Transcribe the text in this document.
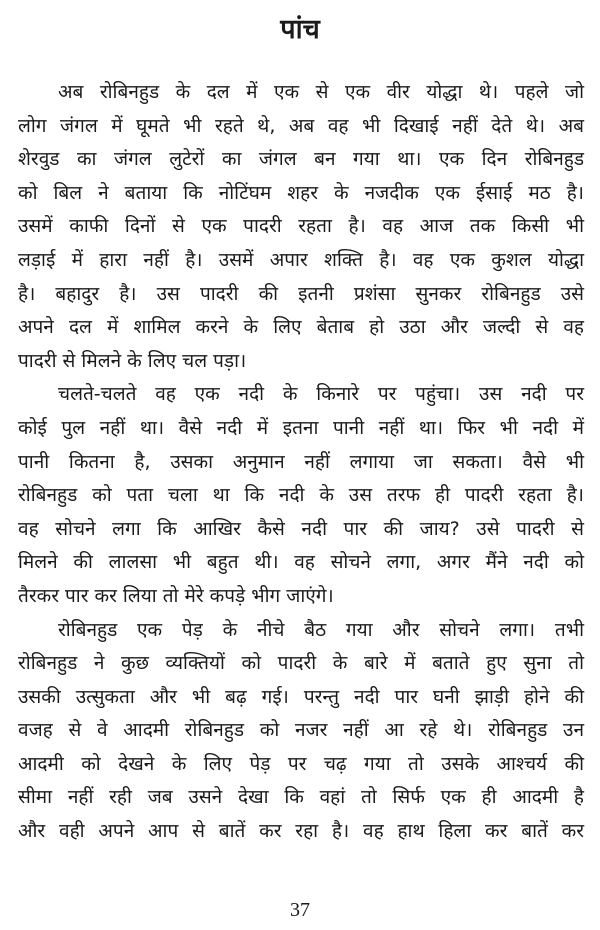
पांच
अब रोबिनहुड के दल में एक से एक वीर योद्धा थे। पहले जो
लोग जंगल में घूमते भी रहते थे, अब वह भी दिखाई नहीं देते थे। अब
शेरवुड का जंगल लुटेरों का जंगल बन गया था। एक दिन रोबिनहुड
को बिल ने बताया कि नोटिंघम शहर के नजदीक एक ईसाई मठ है।
उसमें काफी दिनों से एक पादरी रहता है। वह आज तक किसी भी
लड़ाई में हारा नहीं है। उसमें अपार शक्ति है। वह एक कुशल योद्धा
है। बहादुर है। उस पादरी की इतनी प्रशंसा सुनकर रोबिनहुड उसे
अपने दल में शामिल करने के लिए बेताब हो उठा और जल्दी से वह
पादरी से मिलने के लिए चल पड़ा।
चलते-चलते वह एक नदी के किनारे पर पहुंचा। उस नदी पर
कोई पुल नहीं था। वैसे नदी में इतना पानी नहीं था। फिर भी नदी में
पानी कितना है, उसका अनुमान नहीं लगाया जा सकता। वैसे भी
रोबिनहुड को पता चला था कि नदी के उस तरफ ही पादरी रहता है।
वह सोचने लगा कि आखिर कैसे नदी पार की जाय? उसे पादरी से
मिलने की लालसा भी बहुत थी। वह सोचने लगा, अगर मैंने नदी को
तैरकर पार कर लिया तो मेरे कपड़े भीग जाएंगे।
रोबिनहुड एक पेड़ के नीचे बैठ गया और सोचने लगा। तभी
रोबिनहुड ने कुछ व्यक्तियों को पादरी के बारे में बताते हुए सुना तो
उसकी उत्सुकता और भी बढ़ गई। परन्तु नदी पार घनी झाड़ी होने की
वजह से वे आदमी रोबिनहुड को नजर नहीं आ रहे थे। रोबिनहुड उन
आदमी को देखने के लिए पेड़ पर चढ़ गया तो उसके आश्चर्य की
सीमा नहीं रही जब उसने देखा कि वहां तो सिर्फ एक ही आदमी है
और वही अपने आप से बातें कर रहा है। वह हाथ हिला कर बातें कर
37
